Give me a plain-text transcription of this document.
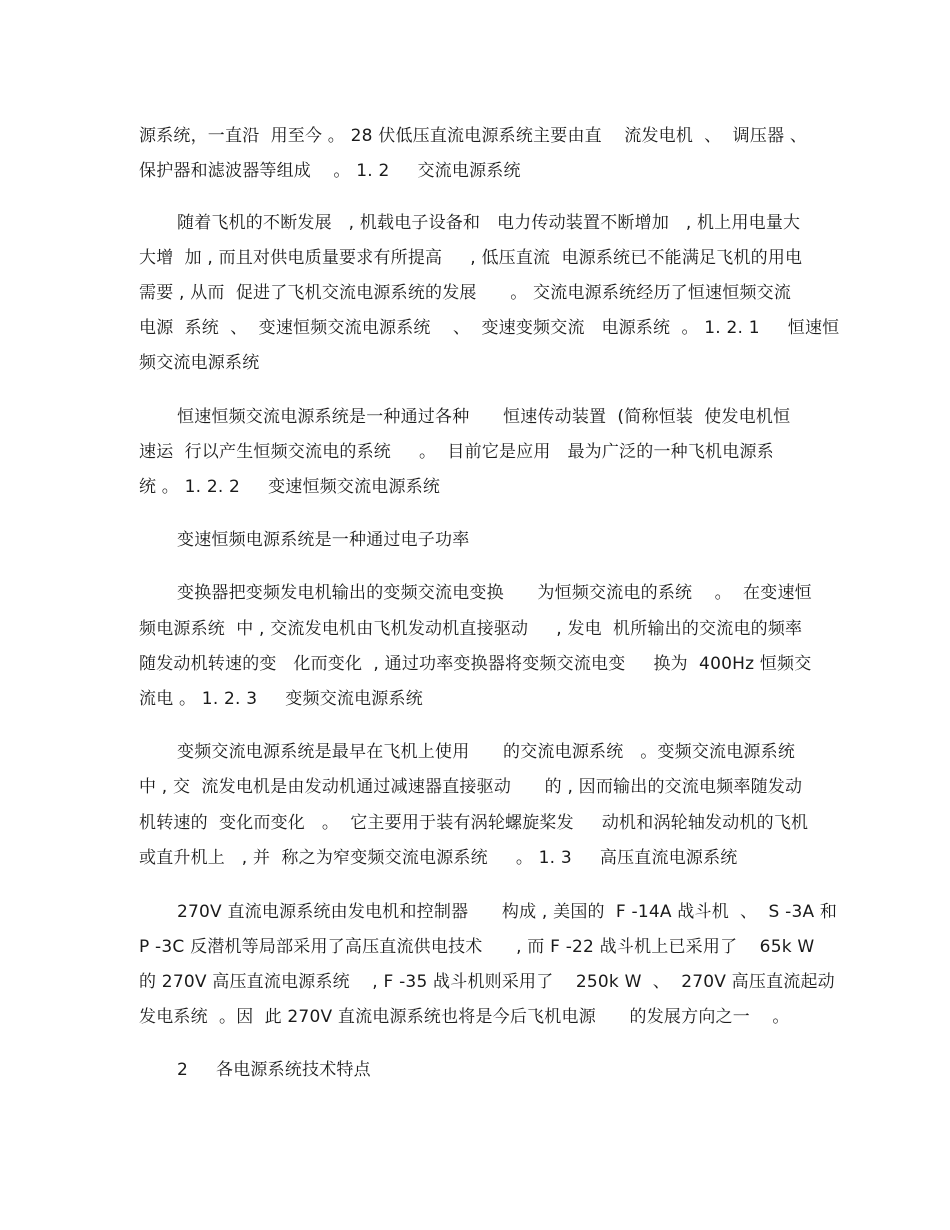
源系统，一直沿  用至今 。 28 伏低压直流电源系统主要由直    流发电机  、  调压器 、
保护器和滤波器等组成    。 1. 2     交流电源系统
随着飞机的不断发展   , 机载电子设备和   电力传动装置不断增加   , 机上用电量大
大增  加 , 而且对供电质量要求有所提高     , 低压直流  电源系统已不能满足飞机的用电
需要 , 从而  促进了飞机交流电源系统的发展      。 交流电源系统经历了恒速恒频交流
电源  系统  、  变速恒频交流电源系统    、  变速变频交流   电源系统  。 1. 2. 1     恒速恒
频交流电源系统
恒速恒频交流电源系统是一种通过各种      恒速传动装置  (简称恒装  使发电机恒
速运  行以产生恒频交流电的系统     。  目前它是应用   最为广泛的一种飞机电源系
统 。 1. 2. 2     变速恒频交流电源系统
变速恒频电源系统是一种通过电子功率
变换器把变频发电机输出的变频交流电变换      为恒频交流电的系统    。  在变速恒
频电源系统  中 , 交流发电机由飞机发动机直接驱动     , 发电  机所输出的交流电的频率
随发动机转速的变   化而变化  , 通过功率变换器将变频交流电变     换为  400Hz 恒频交
流电 。 1. 2. 3     变频交流电源系统
变频交流电源系统是最早在飞机上使用      的交流电源系统   。变频交流电源系统
中 , 交  流发电机是由发动机通过减速器直接驱动      的 , 因而输出的交流电频率随发动
机转速的  变化而变化   。  它主要用于装有涡轮螺旋桨发     动机和涡轮轴发动机的飞机
或直升机上   , 并  称之为窄变频交流电源系统     。 1. 3     高压直流电源系统
270V 直流电源系统由发电机和控制器      构成 , 美国的  F -14A 战斗机  、  S -3A 和
P -3C 反潜机等局部采用了高压直流供电技术      , 而 F -22 战斗机上已采用了    65k W
的 270V 高压直流电源系统    , F -35 战斗机则采用了    250k W  、  270V 高压直流起动
发电系统  。因  此 270V 直流电源系统也将是今后飞机电源      的发展方向之一    。
2     各电源系统技术特点
